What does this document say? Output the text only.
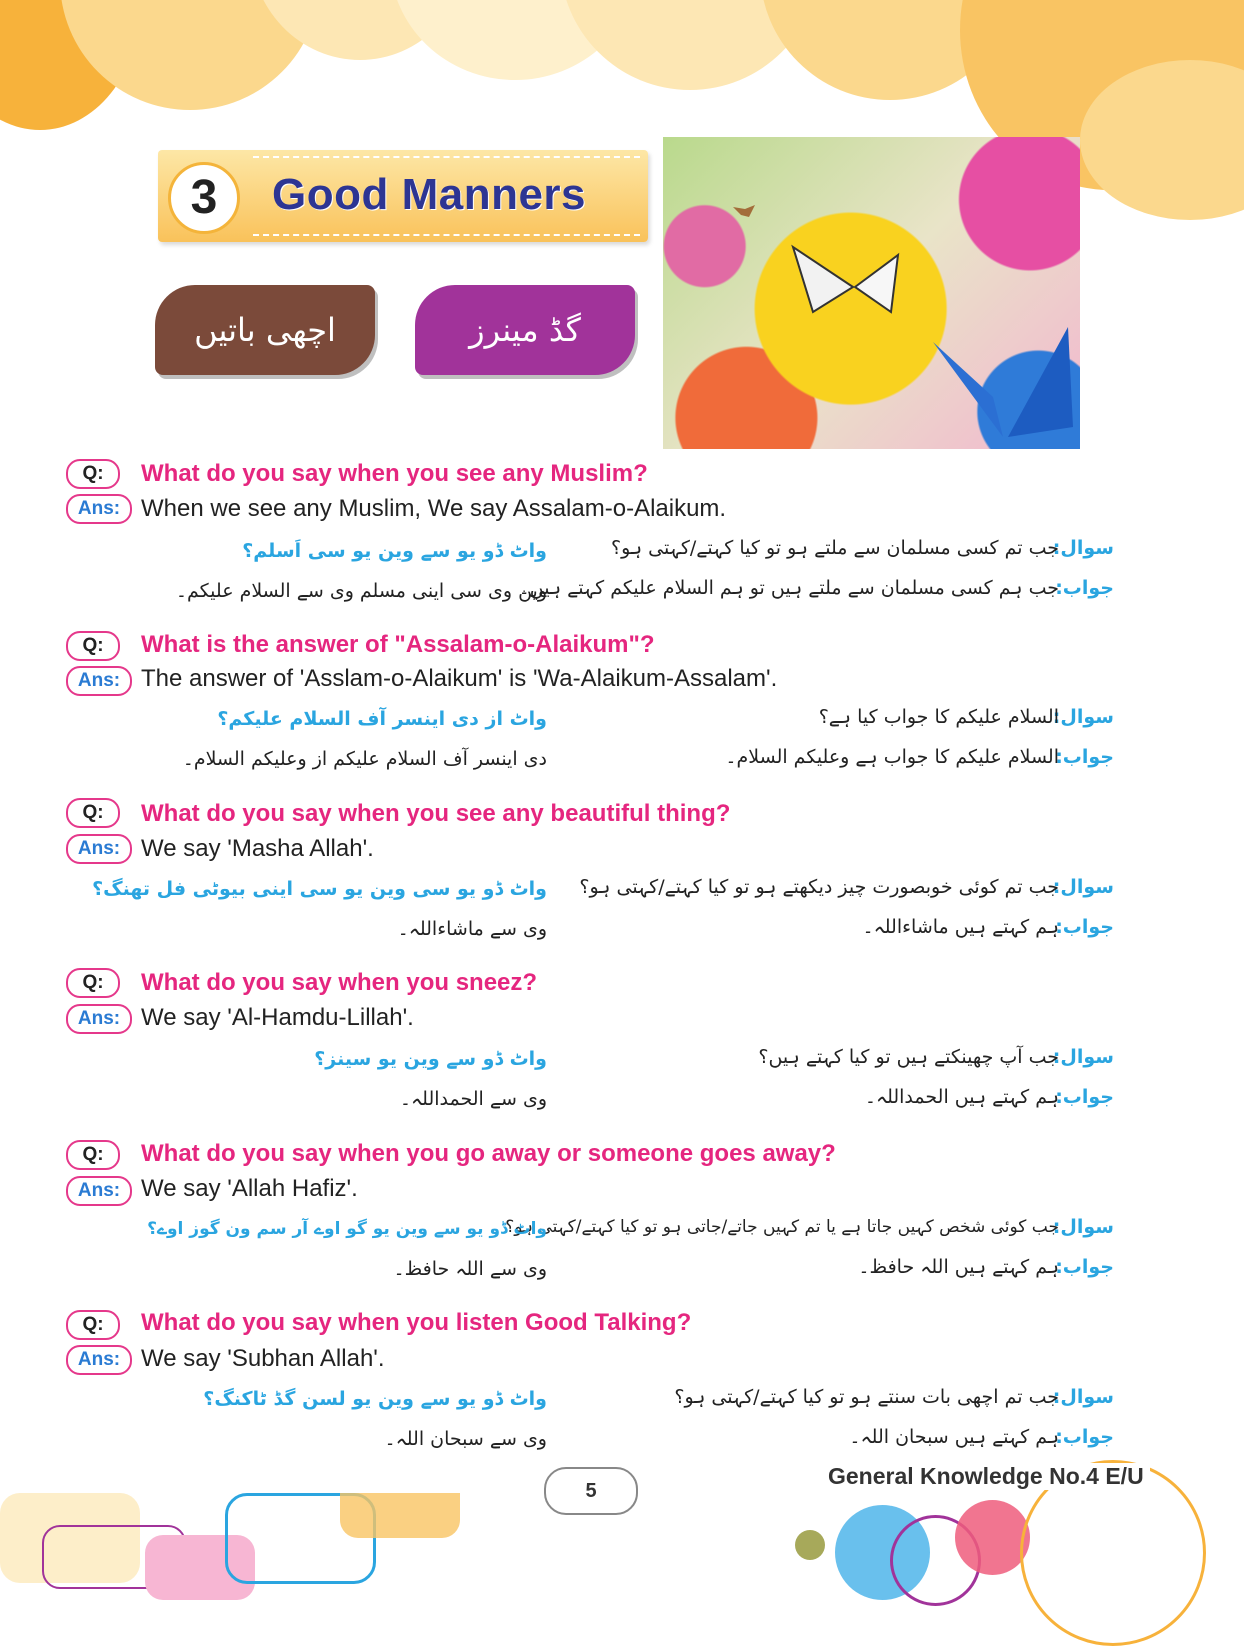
3	Good Manners
اچھی باتیں	گڈ مینرز
Q:	What do you say when you see any Muslim?
Ans: When we see any Muslim, We say Assalam-o-Alaikum.
سوال:
جب تم کسی مسلمان سے ملتے ہو تو کیا کہتے/کہتی ہو؟
جواب:
جب ہم کسی مسلمان سے ملتے ہیں تو ہم السلام علیکم کہتے ہیں۔
واٹ ڈو یو سے وین یو سی اَسلم؟
وین وی سی اینی مسلم وی سے السلام علیکم۔
Q:	What is the answer of "Assalam-o-Alaikum"?
Ans: The answer of 'Asslam-o-Alaikum' is 'Wa-Alaikum-Assalam'.
سوال:
السلام علیکم کا جواب کیا ہے؟
جواب:
السلام علیکم کا جواب ہے وعلیکم السلام۔
واٹ از دی اینسر آف السلام علیکم؟
دی اینسر آف السلام علیکم از وعلیکم السلام۔
Q:	What do you say when you see any beautiful thing?
Ans: We say 'Masha Allah'.
سوال:
جب تم کوئی خوبصورت چیز دیکھتے ہو تو کیا کہتے/کہتی ہو؟
جواب:
ہم کہتے ہیں ماشاءاللہ۔
واٹ ڈو یو سی وین یو سی اینی بیوٹی فل تھنگ؟
وی سے ماشاءاللہ۔
Q:	What do you say when you sneez?
Ans: We say 'Al-Hamdu-Lillah'.
سوال:
جب آپ چھینکتے ہیں تو کیا کہتے ہیں؟
جواب:
ہم کہتے ہیں الحمداللہ۔
واٹ ڈو سے وین یو سینز؟
وی سے الحمداللہ۔
Q:	What do you say when you go away or someone goes away?
Ans: We say 'Allah Hafiz'.
سوال:
جب کوئی شخص کہیں جاتا ہے یا تم کہیں جاتے/جاتی ہو تو کیا کہتے/کہتی ہو؟
جواب:
ہم کہتے ہیں اللہ حافظ۔
واٹ ڈو یو سے وین یو گو اوے آر سم ون گوز اوے؟
وی سے اللہ حافظ۔
Q:	What do you say when you listen Good Talking?
Ans: We say 'Subhan Allah'.
سوال:
جب تم اچھی بات سنتے ہو تو کیا کہتے/کہتی ہو؟
جواب:
ہم کہتے ہیں سبحان اللہ۔
واٹ ڈو یو سے وین یو لسن گڈ ٹاکنگ؟
وی سے سبحان اللہ۔
5
General Knowledge No.4 E/U
